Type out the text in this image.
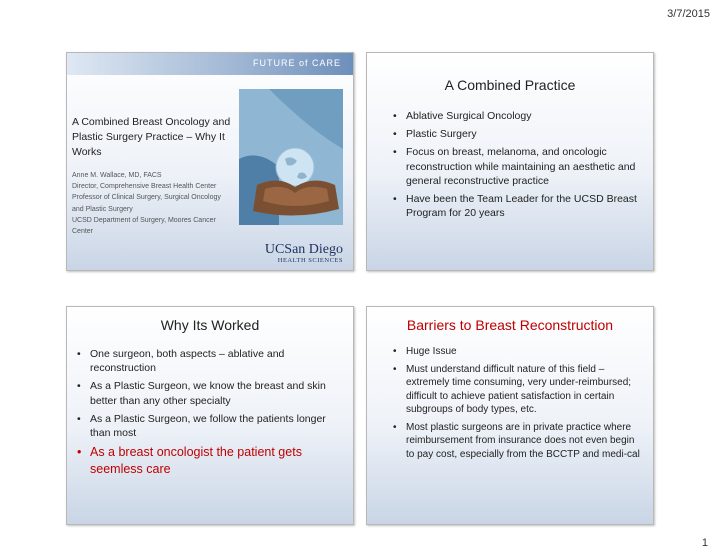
3/7/2015
FUTURE of CARE
A Combined Breast Oncology and Plastic Surgery Practice – Why It Works
Anne M. Wallace, MD, FACS
Director, Comprehensive Breast Health Center
Professor of Clinical Surgery, Surgical Oncology
and Plastic Surgery
UCSD Department of Surgery, Moores Cancer
Center
UCSan Diego
HEALTH SCIENCES
A Combined Practice
• Ablative Surgical Oncology
• Plastic Surgery
• Focus on breast, melanoma, and oncologic reconstruction while maintaining an aesthetic and general reconstructive practice
• Have been the Team Leader for the UCSD Breast Program for 20 years
Why Its Worked
• One surgeon, both aspects – ablative and reconstruction
• As a Plastic Surgeon, we know the breast and skin better than any other specialty
• As a Plastic Surgeon, we follow the patients longer than most
• As a breast oncologist the patient gets seemless care
Barriers to Breast Reconstruction
• Huge Issue
• Must understand difficult nature of this field – extremely time consuming, very under-reimbursed; difficult to achieve patient satisfaction in certain subgroups of body types, etc.
• Most plastic surgeons are in private practice where reimbursement from insurance does not even begin to pay cost, especially from the BCCTP and medi-cal
1
